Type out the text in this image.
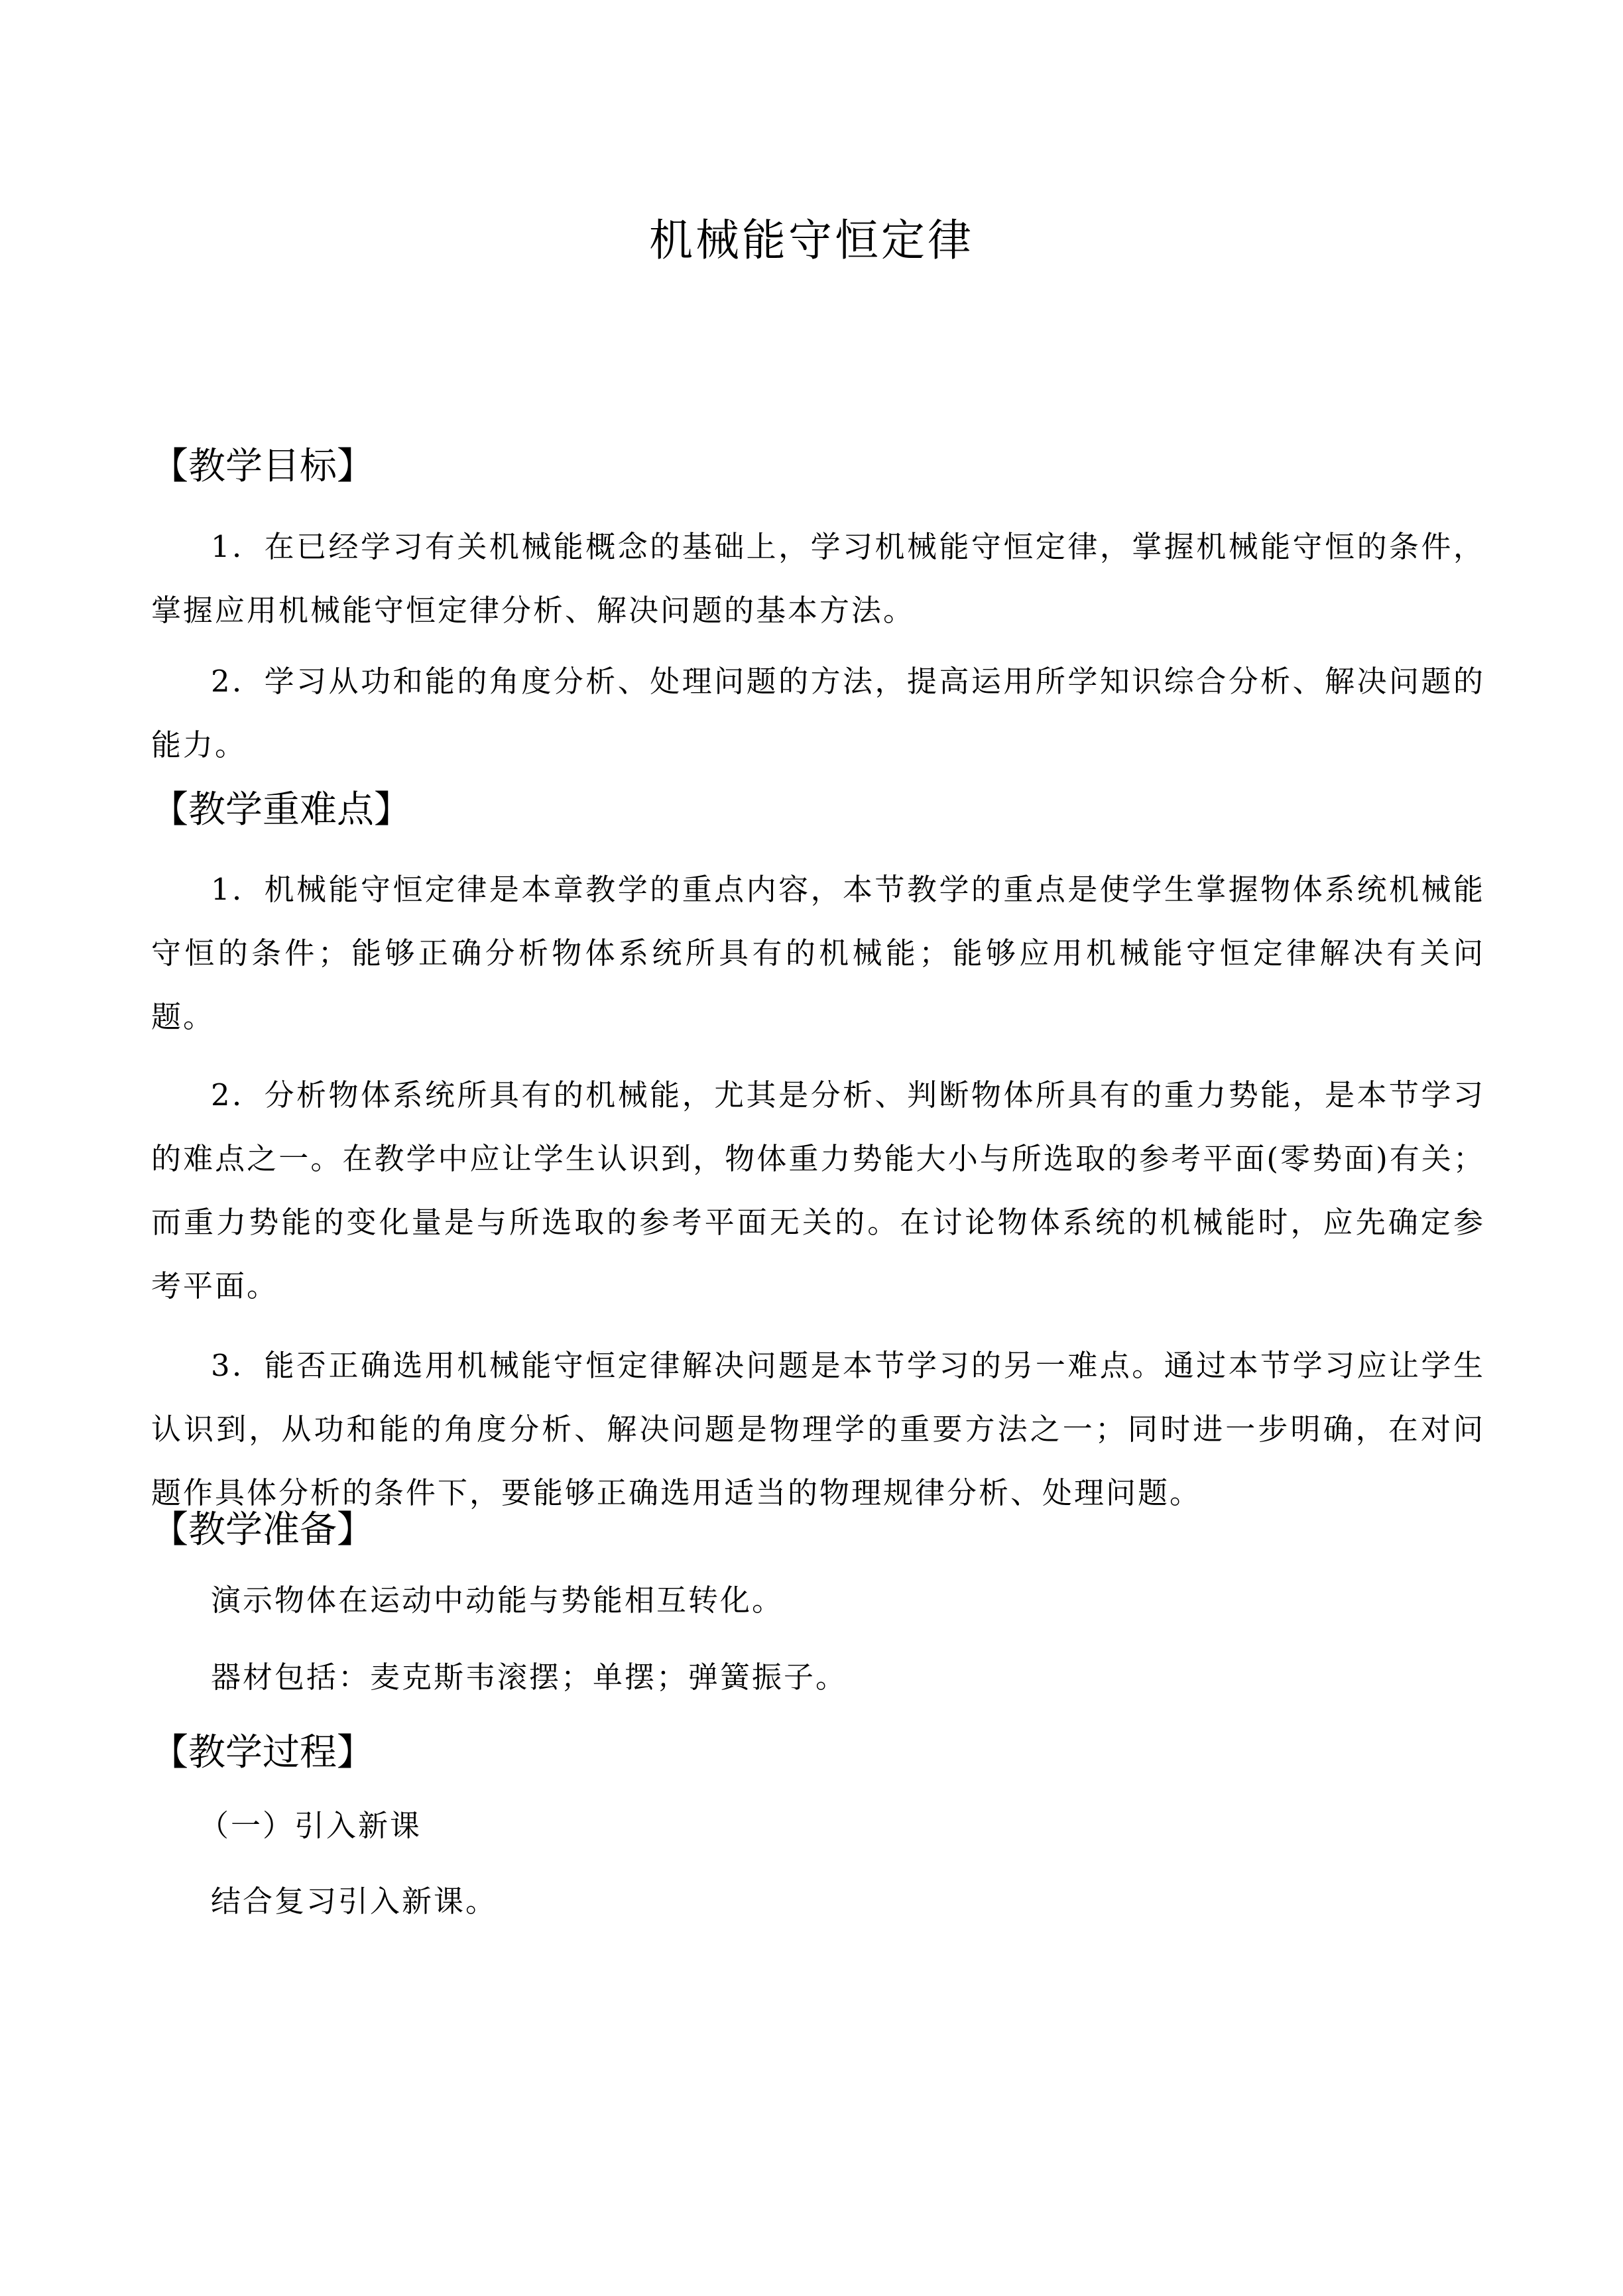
机械能守恒定律
【教学目标】
1．在已经学习有关机械能概念的基础上，学习机械能守恒定律，掌握机械能守恒的条件，掌握应用机械能守恒定律分析、解决问题的基本方法。
2．学习从功和能的角度分析、处理问题的方法，提高运用所学知识综合分析、解决问题的能力。
【教学重难点】
1．机械能守恒定律是本章教学的重点内容，本节教学的重点是使学生掌握物体系统机械能守恒的条件；能够正确分析物体系统所具有的机械能；能够应用机械能守恒定律解决有关问题。
2．分析物体系统所具有的机械能，尤其是分析、判断物体所具有的重力势能，是本节学习的难点之一。在教学中应让学生认识到，物体重力势能大小与所选取的参考平面(零势面)有关；而重力势能的变化量是与所选取的参考平面无关的。在讨论物体系统的机械能时，应先确定参考平面。
3．能否正确选用机械能守恒定律解决问题是本节学习的另一难点。通过本节学习应让学生认识到，从功和能的角度分析、解决问题是物理学的重要方法之一；同时进一步明确，在对问题作具体分析的条件下，要能够正确选用适当的物理规律分析、处理问题。
【教学准备】
演示物体在运动中动能与势能相互转化。
器材包括：麦克斯韦滚摆；单摆；弹簧振子。
【教学过程】
（一）引入新课
结合复习引入新课。
